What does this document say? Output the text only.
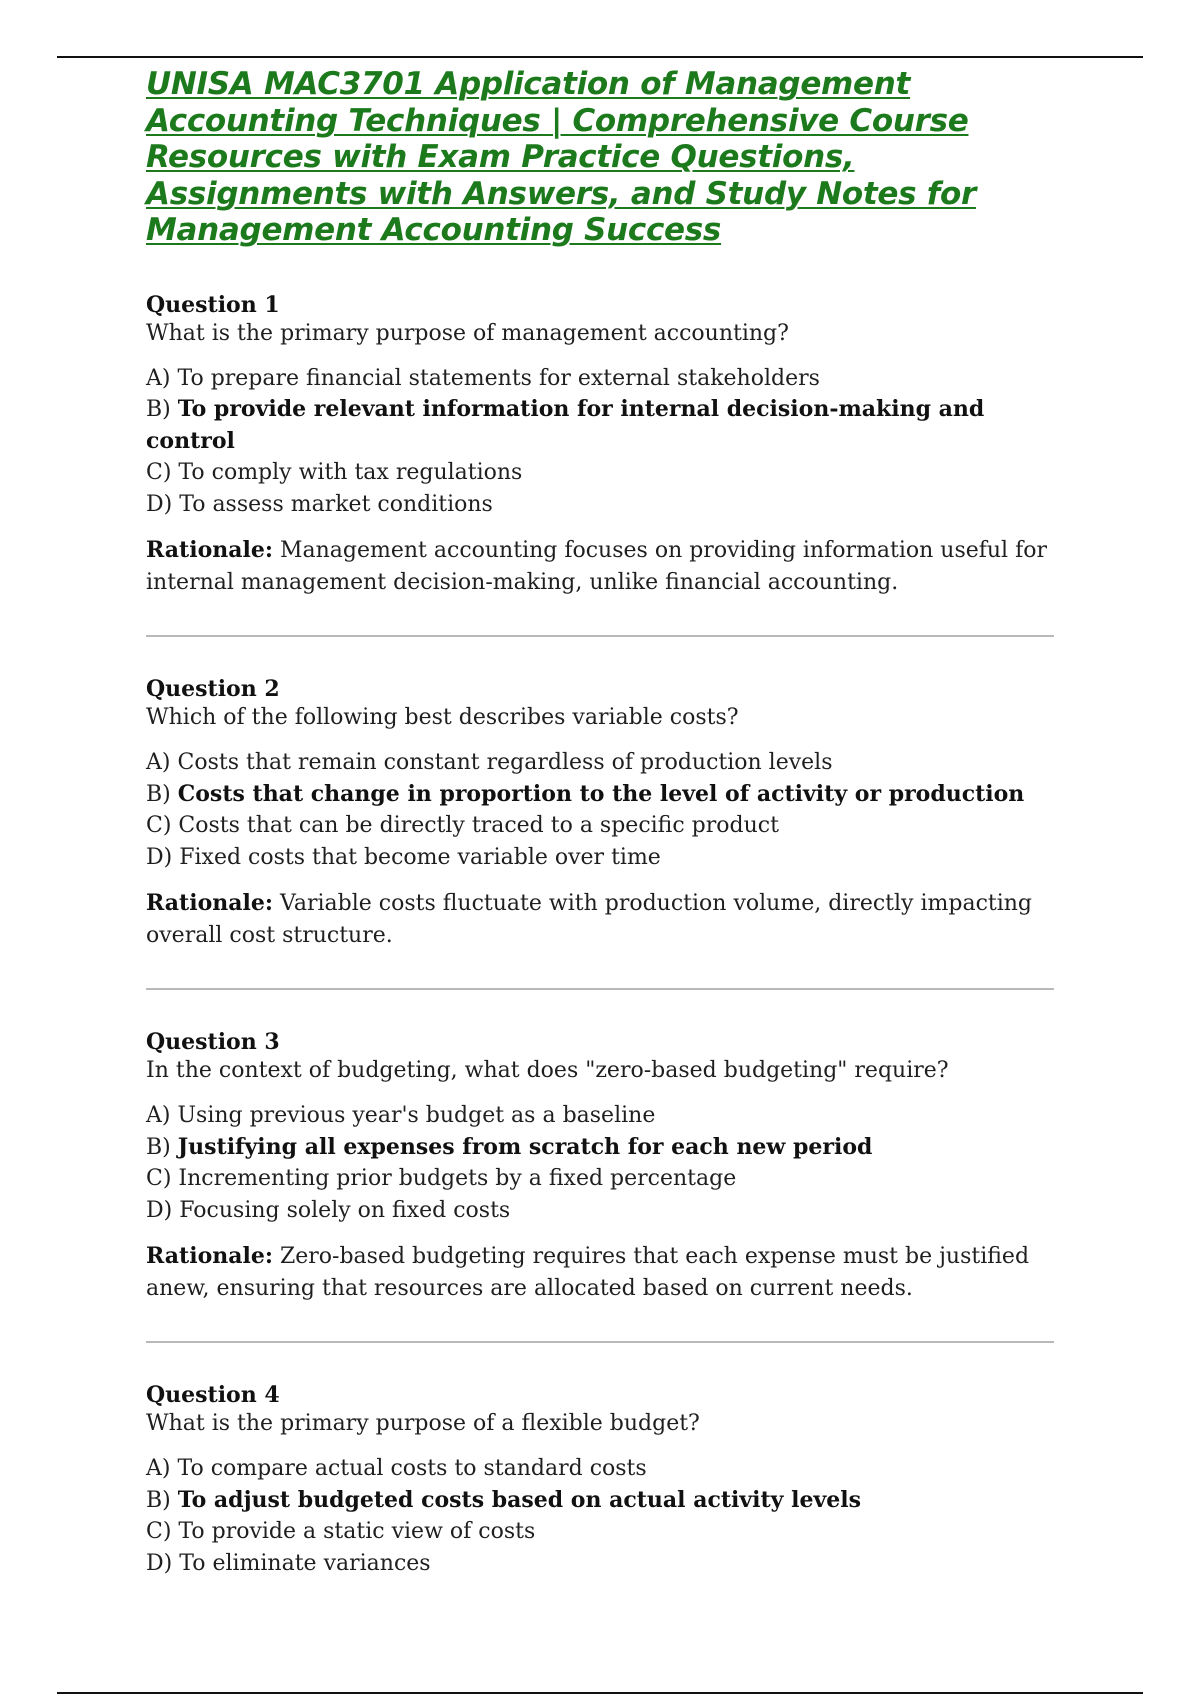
UNISA MAC3701 Application of Management
Accounting Techniques | Comprehensive Course
Resources with Exam Practice Questions,
Assignments with Answers, and Study Notes for
Management Accounting Success
Question 1
What is the primary purpose of management accounting?
A) To prepare financial statements for external stakeholders
B) To provide relevant information for internal decision-making and control
C) To comply with tax regulations
D) To assess market conditions
Rationale: Management accounting focuses on providing information useful for internal management decision-making, unlike financial accounting.
Question 2
Which of the following best describes variable costs?
A) Costs that remain constant regardless of production levels
B) Costs that change in proportion to the level of activity or production
C) Costs that can be directly traced to a specific product
D) Fixed costs that become variable over time
Rationale: Variable costs fluctuate with production volume, directly impacting overall cost structure.
Question 3
In the context of budgeting, what does "zero-based budgeting" require?
A) Using previous year's budget as a baseline
B) Justifying all expenses from scratch for each new period
C) Incrementing prior budgets by a fixed percentage
D) Focusing solely on fixed costs
Rationale: Zero-based budgeting requires that each expense must be justified anew, ensuring that resources are allocated based on current needs.
Question 4
What is the primary purpose of a flexible budget?
A) To compare actual costs to standard costs
B) To adjust budgeted costs based on actual activity levels
C) To provide a static view of costs
D) To eliminate variances
